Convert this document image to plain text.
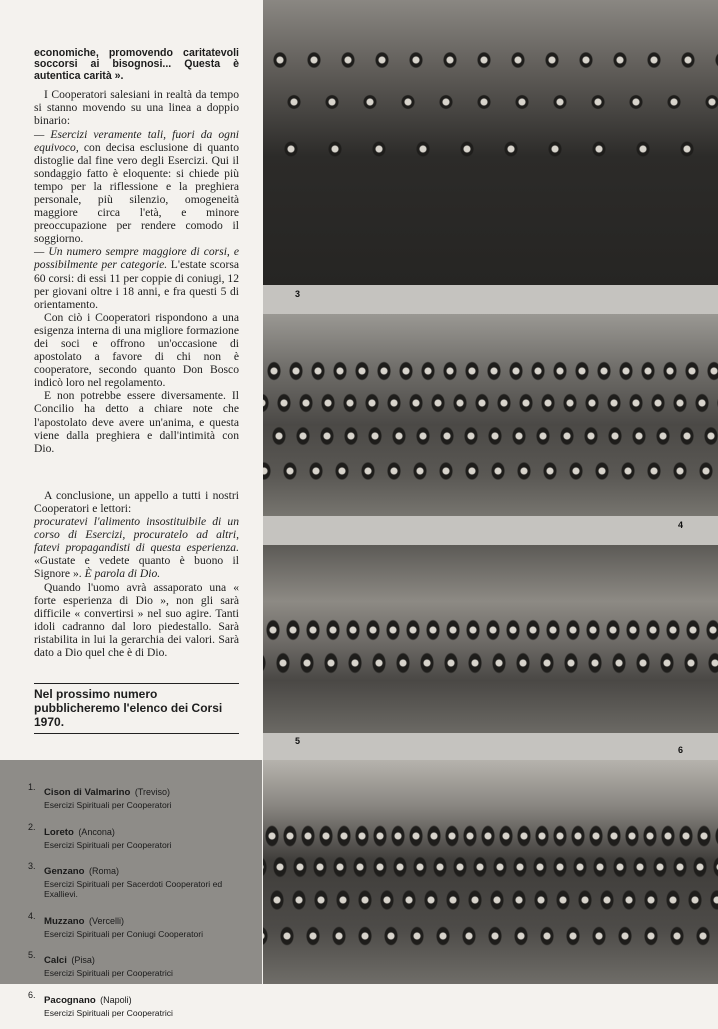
economiche, promovendo caritatevoli soccorsi ai bisognosi... Questa è autentica carità ».

I Cooperatori salesiani in realtà da tempo si stanno movendo su una linea a doppio binario:

— Esercizi veramente tali, fuori da ogni equivoco, con decisa esclusione di quanto distoglie dal fine vero degli Esercizi. Qui il sondaggio fatto è eloquente: si chiede più tempo per la riflessione e la preghiera personale, più silenzio, omogeneità maggiore circa l'età, e minore preoccupazione per rendere comodo il soggiorno.

— Un numero sempre maggiore di corsi, e possibilmente per categorie. L'estate scorsa 60 corsi: di essi 11 per coppie di coniugi, 12 per giovani oltre i 18 anni, e fra questi 5 di orientamento.

Con ciò i Cooperatori rispondono a una esigenza interna di una migliore formazione dei soci e offrono un'occasione di apostolato a favore di chi non è cooperatore, secondo quanto Don Bosco indicò loro nel regolamento.

E non potrebbe essere diversamente. Il Concilio ha detto a chiare note che l'apostolato deve avere un'anima, e questa viene dalla preghiera e dall'intimità con Dio.

A conclusione, un appello a tutti i nostri Cooperatori e lettori:

procuratevi l'alimento insostituibile di un corso di Esercizi, procuratelo ad altri, fatevi propagandisti di questa esperienza. «Gustate e vedete quanto è buono il Signore ». È parola di Dio.

Quando l'uomo avrà assaporato una « forte esperienza di Dio », non gli sarà difficile « convertirsi » nel suo agire. Tanti idoli cadranno dal loro piedestallo. Sarà ristabilita in lui la gerarchia dei valori. Sarà dato a Dio quel che è di Dio.

Nel prossimo numero pubblicheremo l'elenco dei Corsi 1970.
1. Cison di Valmarino (Treviso)
Esercizi Spirituali per Cooperatori
2. Loreto (Ancona)
Esercizi Spirituali per Cooperatori
3. Genzano (Roma)
Esercizi Spirituali per Sacerdoti Cooperatori ed Exallievi.
4. Muzzano (Vercelli)
Esercizi Spirituali per Coniugi Cooperatori
5. Calci (Pisa)
Esercizi Spirituali per Cooperatrici
6. Pacognano (Napoli)
Esercizi Spirituali per Cooperatrici
3
4
5
6
